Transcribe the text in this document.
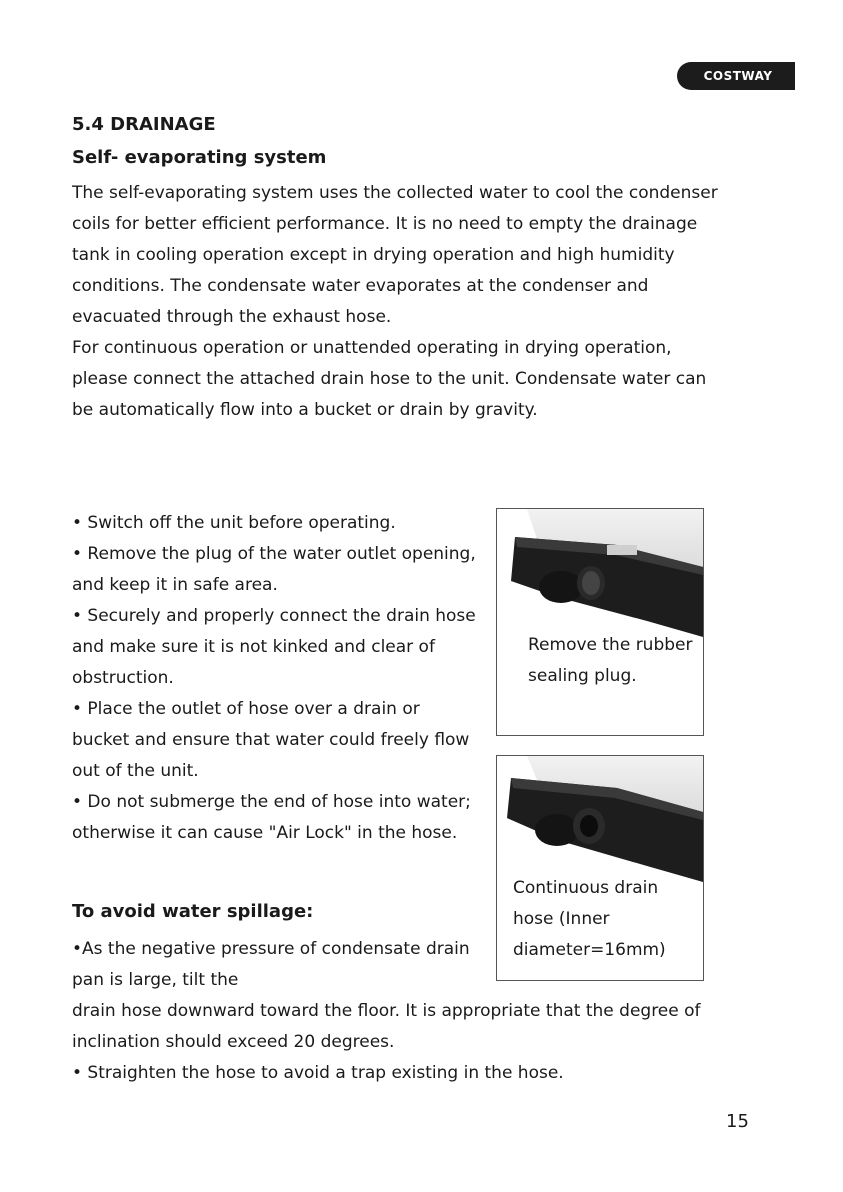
COSTWAY
5.4 DRAINAGE
Self- evaporating system

The self-evaporating system uses the collected water to cool the condenser coils for better efficient performance. It is no need to empty the drainage tank in cooling operation except in drying operation and high humidity conditions. The condensate water evaporates at the condenser and evacuated through the exhaust hose.

For continuous operation or unattended operating in drying operation, please connect the attached drain hose to the unit. Condensate water can be automatically flow into a bucket or drain by gravity.

• Switch off the unit before operating.
• Remove the plug of the water outlet opening, and keep it in safe area.
• Securely and properly connect the drain hose and make sure it is not kinked and clear of obstruction.
• Place the outlet of hose over a drain or bucket and ensure that water could freely flow out of the unit.
• Do not submerge the end of hose into water; otherwise it can cause "Air Lock" in the hose.
To avoid water spillage:

•As the negative pressure of condensate drain pan is large, tilt the

drain hose downward toward the floor. It is appropriate that the degree of inclination should exceed 20 degrees.

• Straighten the hose to avoid a trap existing in the hose.

Remove the rubber sealing plug.

Continuous drain hose (Inner diameter=16mm)

15
